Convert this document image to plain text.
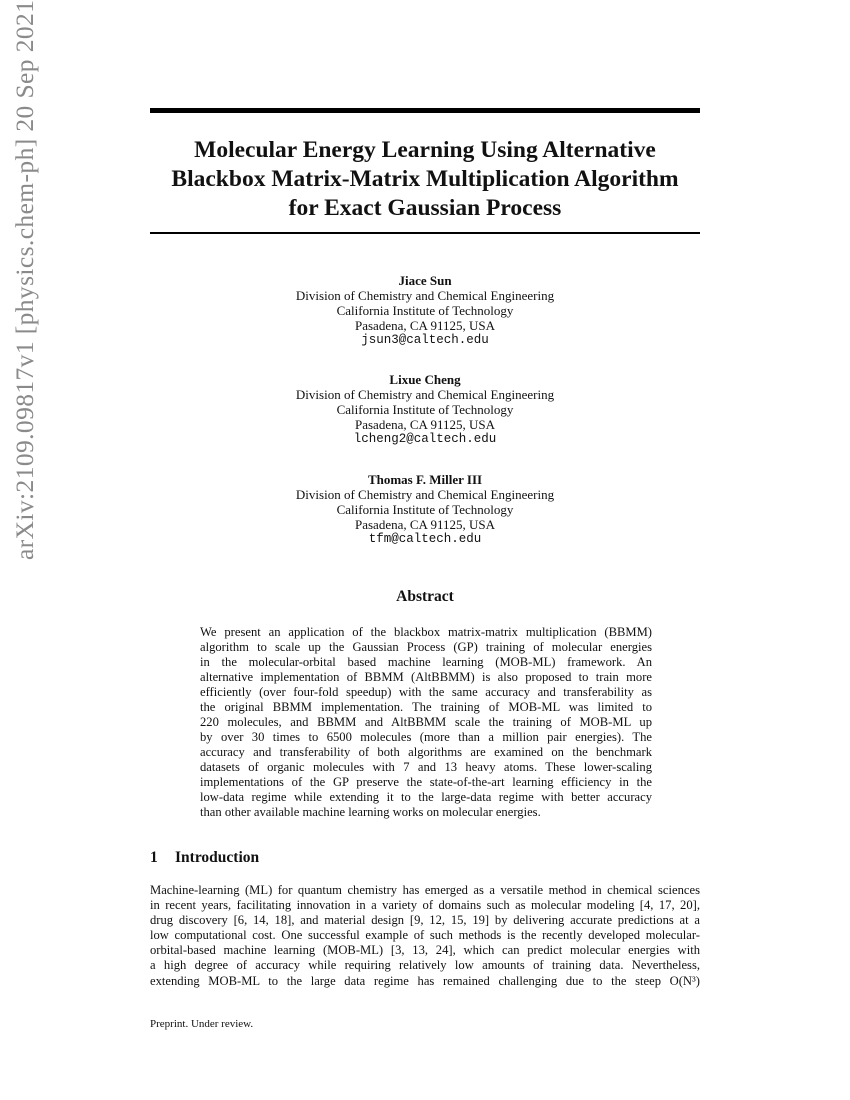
arXiv:2109.09817v1 [physics.chem-ph] 20 Sep 2021	Molecular Energy Learning Using Alternative
Blackbox Matrix-Matrix Multiplication Algorithm
for Exact Gaussian Process
Jiace Sun
Division of Chemistry and Chemical Engineering
California Institute of Technology
Pasadena, CA 91125, USA
jsun3@caltech.edu
Lixue Cheng
Division of Chemistry and Chemical Engineering
California Institute of Technology
Pasadena, CA 91125, USA
lcheng2@caltech.edu
Thomas F. Miller III
Division of Chemistry and Chemical Engineering
California Institute of Technology
Pasadena, CA 91125, USA
tfm@caltech.edu
Abstract

We present an application of the blackbox matrix-matrix multiplication (BBMM)
algorithm to scale up the Gaussian Process (GP) training of molecular energies
in the molecular-orbital based machine learning (MOB-ML) framework. An
alternative implementation of BBMM (AltBBMM) is also proposed to train more
efficiently (over four-fold speedup) with the same accuracy and transferability as
the original BBMM implementation. The training of MOB-ML was limited to
220 molecules, and BBMM and AltBBMM scale the training of MOB-ML up
by over 30 times to 6500 molecules (more than a million pair energies). The
accuracy and transferability of both algorithms are examined on the benchmark
datasets of organic molecules with 7 and 13 heavy atoms. These lower-scaling
implementations of the GP preserve the state-of-the-art learning efficiency in the
low-data regime while extending it to the large-data regime with better accuracy
than other available machine learning works on molecular energies.

1 Introduction

Machine-learning (ML) for quantum chemistry has emerged as a versatile method in chemical sciences
in recent years, facilitating innovation in a variety of domains such as molecular modeling [4, 17, 20],
drug discovery [6, 14, 18], and material design [9, 12, 15, 19] by delivering accurate predictions at a
low computational cost. One successful example of such methods is the recently developed molecular-
orbital-based machine learning (MOB-ML) [3, 13, 24], which can predict molecular energies with
a high degree of accuracy while requiring relatively low amounts of training data. Nevertheless,
extending MOB-ML to the large data regime has remained challenging due to the steep O(N³)

Preprint. Under review.
